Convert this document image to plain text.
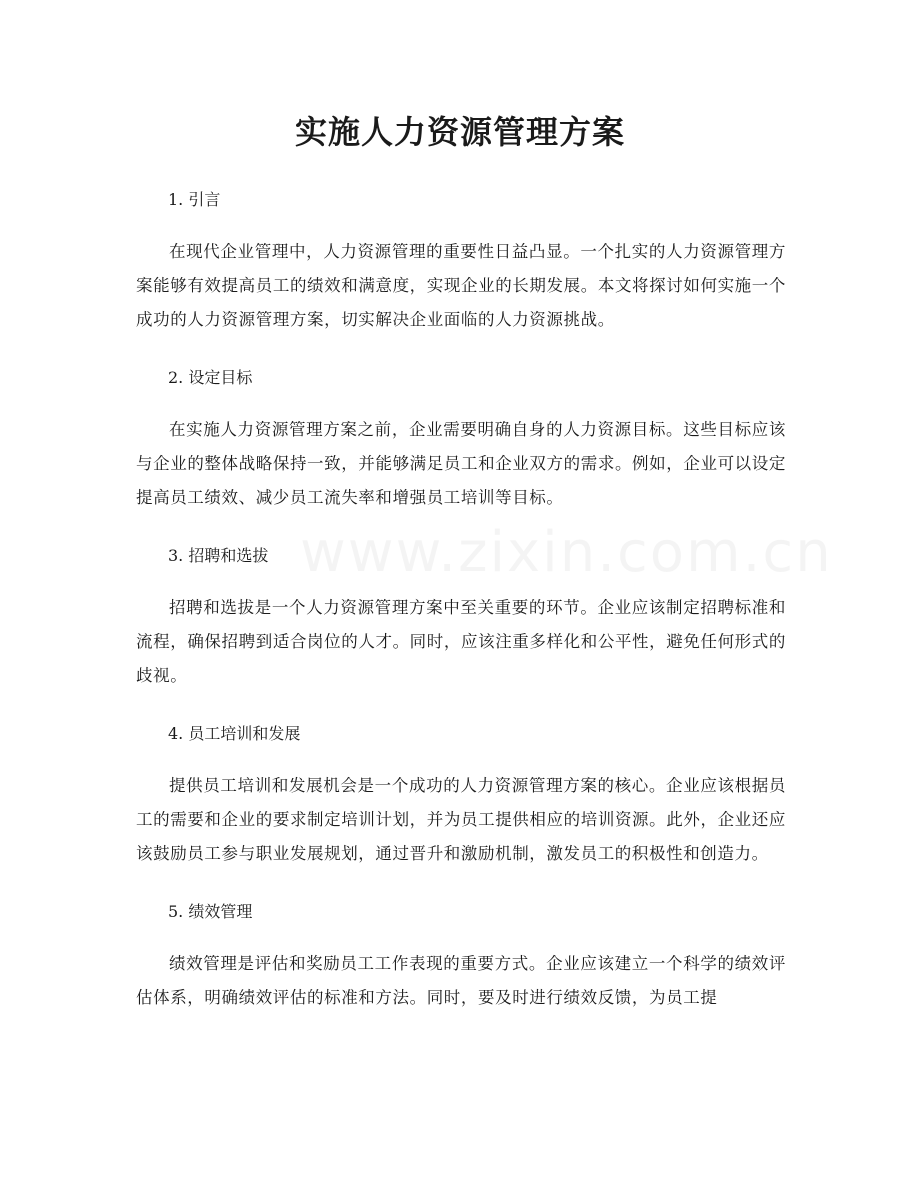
实施人力资源管理方案

1. 引言

在现代企业管理中，人力资源管理的重要性日益凸显。一个扎实的人力资源管理方案能够有效提高员工的绩效和满意度，实现企业的长期发展。本文将探讨如何实施一个成功的人力资源管理方案，切实解决企业面临的人力资源挑战。

2. 设定目标

在实施人力资源管理方案之前，企业需要明确自身的人力资源目标。这些目标应该与企业的整体战略保持一致，并能够满足员工和企业双方的需求。例如，企业可以设定提高员工绩效、减少员工流失率和增强员工培训等目标。

3. 招聘和选拔

招聘和选拔是一个人力资源管理方案中至关重要的环节。企业应该制定招聘标准和流程，确保招聘到适合岗位的人才。同时，应该注重多样化和公平性，避免任何形式的歧视。

4. 员工培训和发展

提供员工培训和发展机会是一个成功的人力资源管理方案的核心。企业应该根据员工的需要和企业的要求制定培训计划，并为员工提供相应的培训资源。此外，企业还应该鼓励员工参与职业发展规划，通过晋升和激励机制，激发员工的积极性和创造力。

5. 绩效管理

绩效管理是评估和奖励员工工作表现的重要方式。企业应该建立一个科学的绩效评估体系，明确绩效评估的标准和方法。同时，要及时进行绩效反馈，为员工提
